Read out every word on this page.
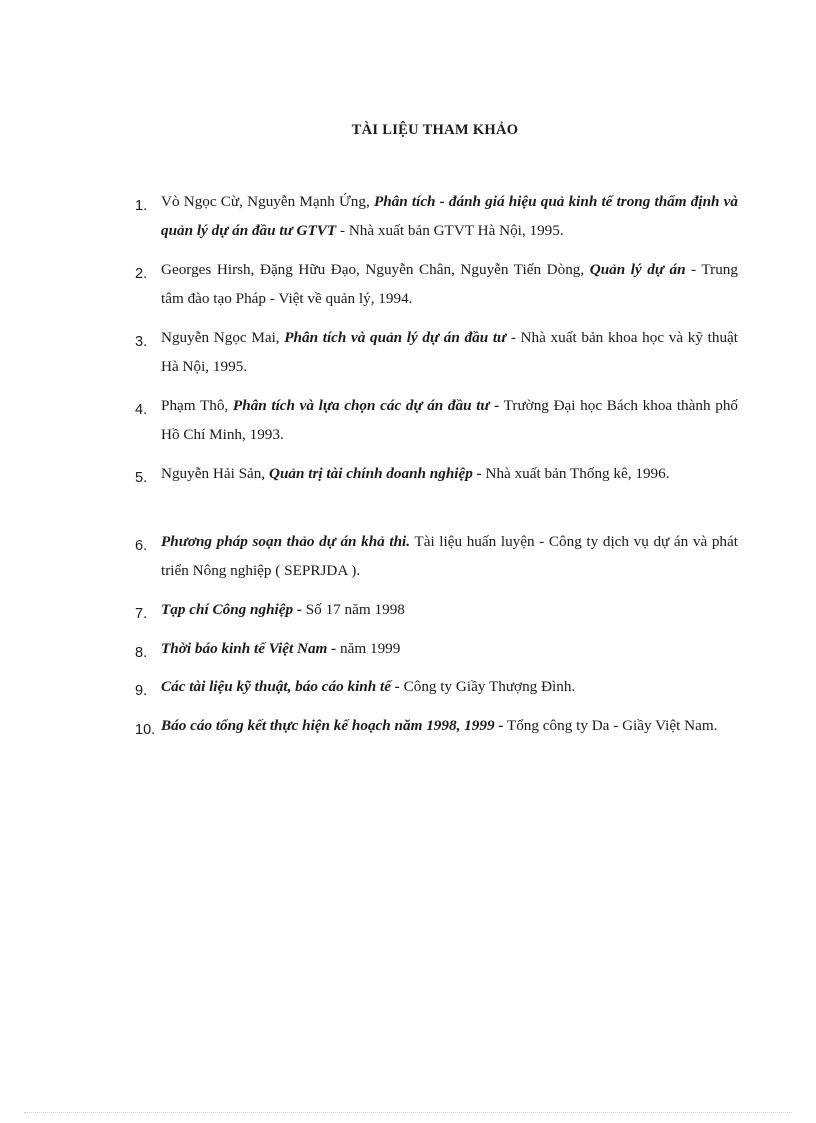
TÀI LIỆU THAM KHẢO
1. Vò Ngọc Cừ, Nguyễn Mạnh Ứng, Phân tích - đánh giá hiệu quả kinh tế trong thẩm định và quản lý dự án đầu tư GTVT - Nhà xuất bản GTVT Hà Nội, 1995.
2. Georges Hirsh, Đặng Hữu Đạo, Nguyễn Chân, Nguyễn Tiến Dòng, Quản lý dự án - Trung tâm đào tạo Pháp - Việt về quản lý, 1994.
3. Nguyễn Ngọc Mai, Phân tích và quản lý dự án đầu tư - Nhà xuất bản khoa học và kỹ thuật Hà Nội, 1995.
4. Phạm Thô, Phân tích và lựa chọn các dự án đầu tư - Trường Đại học Bách khoa thành phố Hồ Chí Minh, 1993.
5. Nguyễn Hải Sản, Quản trị tài chính doanh nghiệp - Nhà xuất bản Thống kê, 1996.
6. Phương pháp soạn thảo dự án khả thi. Tài liệu huấn luyện - Công ty dịch vụ dự án và phát triển Nông nghiệp ( SEPRJDA ).
7. Tạp chí Công nghiệp - Số 17 năm 1998
8. Thời báo kinh tế Việt Nam - năm 1999
9. Các tài liệu kỹ thuật, báo cáo kinh tế - Công ty Giầy Thượng Đình.
10. Báo cáo tổng kết thực hiện kế hoạch năm 1998, 1999 - Tổng công ty Da - Giầy Việt Nam.
